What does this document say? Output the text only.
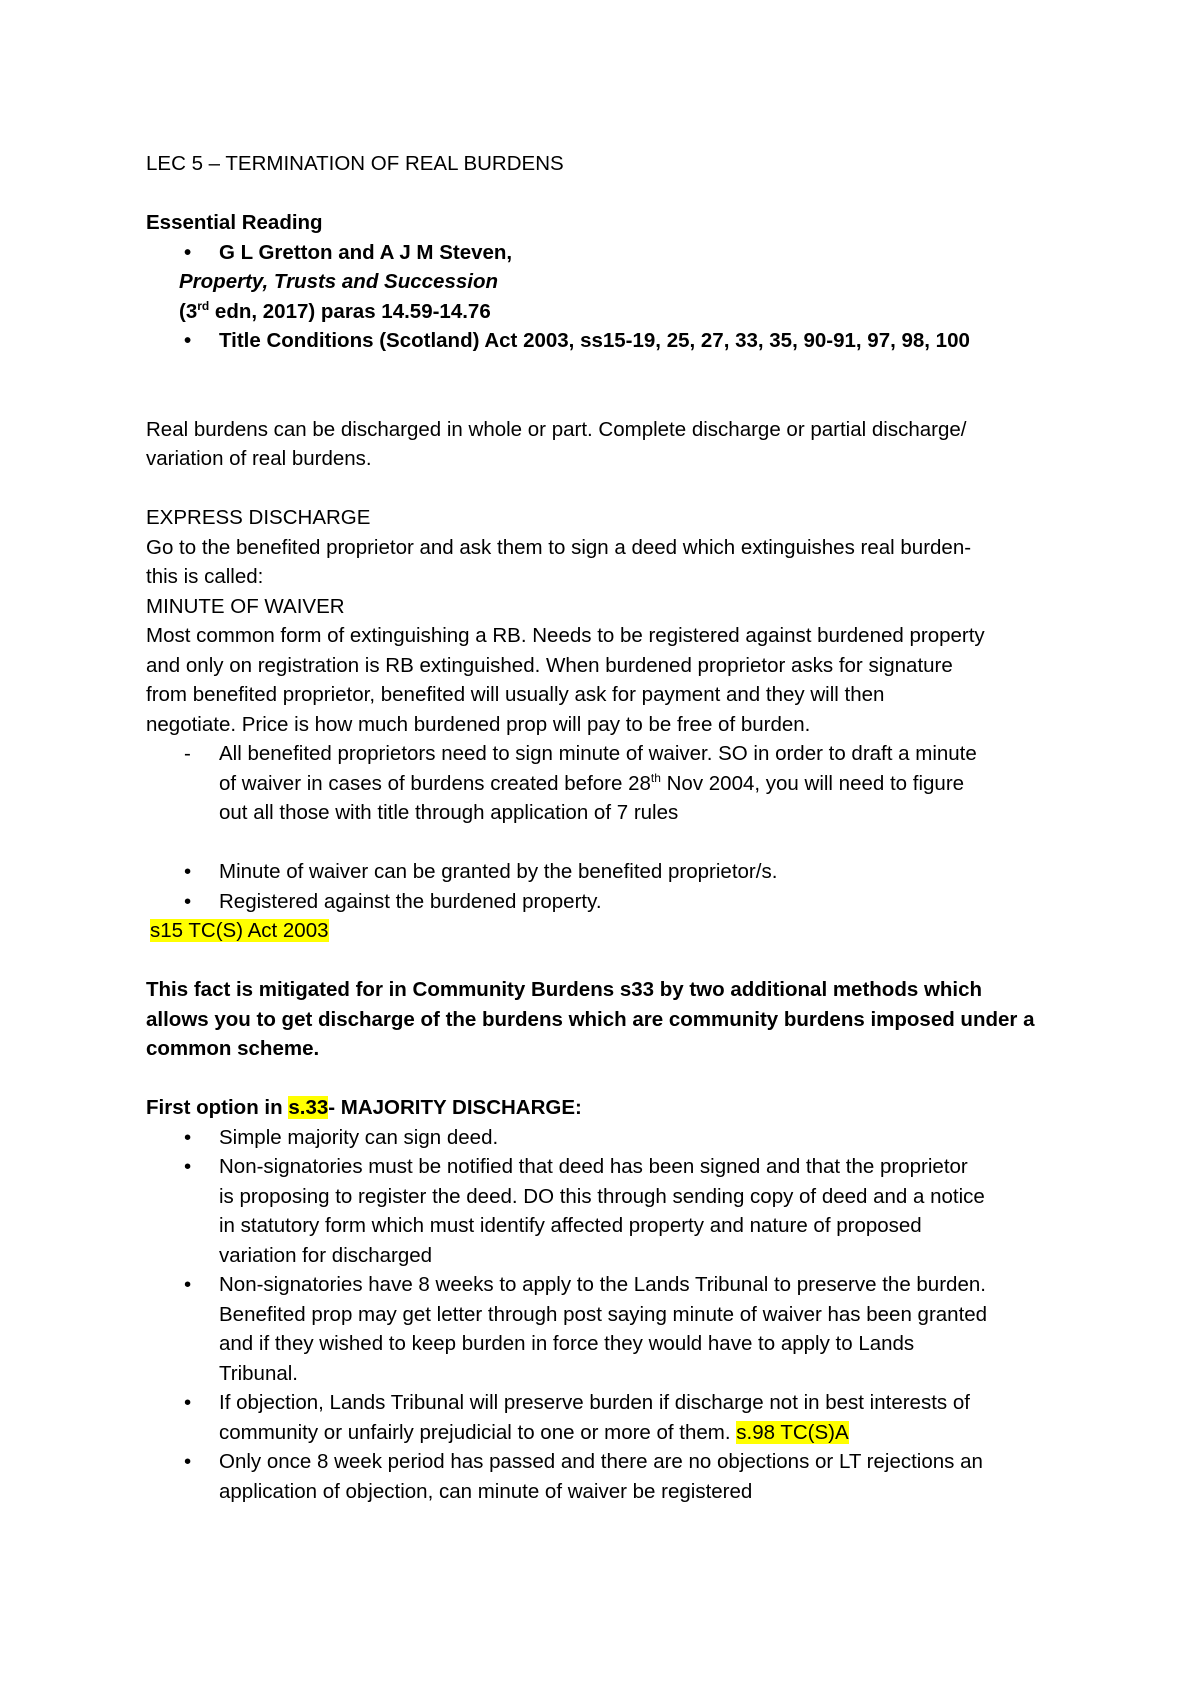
LEC 5 – TERMINATION OF REAL BURDENS
Essential Reading
• G L Gretton and A J M Steven,
Property, Trusts and Succession
(3rd edn, 2017) paras 14.59-14.76
• Title Conditions (Scotland) Act 2003, ss15-19, 25, 27, 33, 35, 90-91, 97, 98, 100
Real burdens can be discharged in whole or part. Complete discharge or partial discharge/
variation of real burdens.
EXPRESS DISCHARGE
Go to the benefited proprietor and ask them to sign a deed which extinguishes real burden-
this is called:
MINUTE OF WAIVER
Most common form of extinguishing a RB. Needs to be registered against burdened property
and only on registration is RB extinguished. When burdened proprietor asks for signature
from benefited proprietor, benefited will usually ask for payment and they will then
negotiate. Price is how much burdened prop will pay to be free of burden.
- All benefited proprietors need to sign minute of waiver. SO in order to draft a minute
of waiver in cases of burdens created before 28th Nov 2004, you will need to figure
out all those with title through application of 7 rules
• Minute of waiver can be granted by the benefited proprietor/s.
• Registered against the burdened property.
s15 TC(S) Act 2003
This fact is mitigated for in Community Burdens s33 by two additional methods which
allows you to get discharge of the burdens which are community burdens imposed under a
common scheme.
First option in s.33- MAJORITY DISCHARGE:
• Simple majority can sign deed.
• Non-signatories must be notified that deed has been signed and that the proprietor
is proposing to register the deed. DO this through sending copy of deed and a notice
in statutory form which must identify affected property and nature of proposed
variation for discharged
• Non-signatories have 8 weeks to apply to the Lands Tribunal to preserve the burden.
Benefited prop may get letter through post saying minute of waiver has been granted
and if they wished to keep burden in force they would have to apply to Lands
Tribunal.
• If objection, Lands Tribunal will preserve burden if discharge not in best interests of
community or unfairly prejudicial to one or more of them. s.98 TC(S)A
• Only once 8 week period has passed and there are no objections or LT rejections an
application of objection, can minute of waiver be registered
